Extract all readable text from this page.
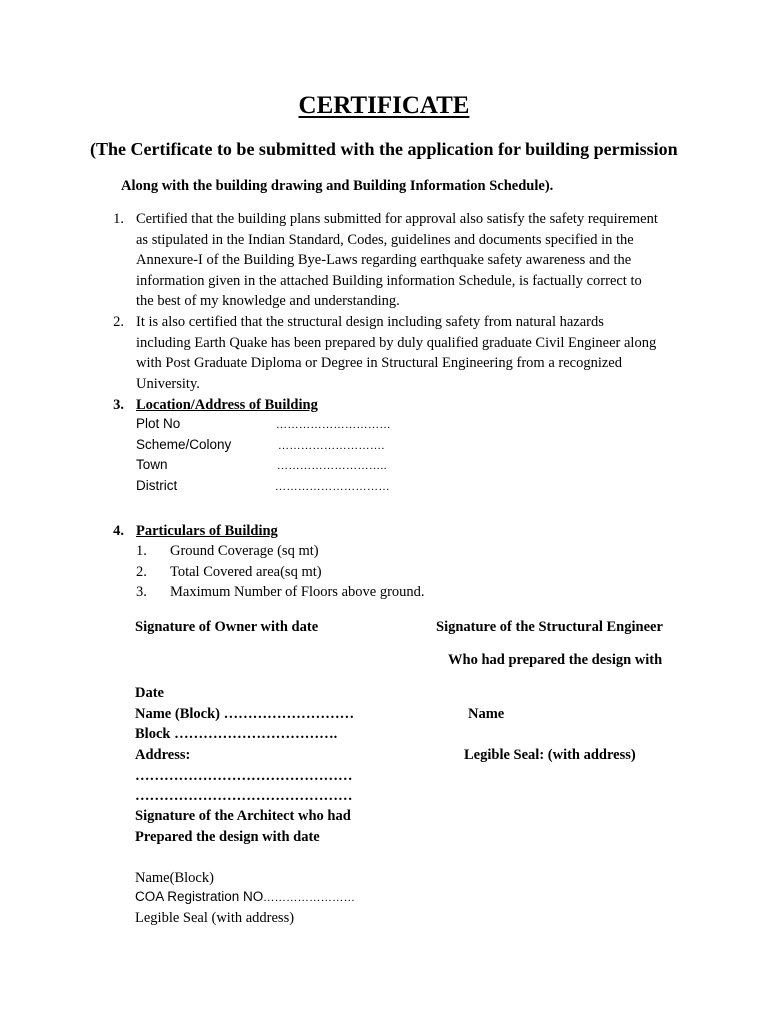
CERTIFICATE
(The Certificate to be submitted with the application for building permission
Along with the building drawing and Building Information Schedule).
1. Certified that the building plans submitted for approval also satisfy the safety requirement
as stipulated in the Indian Standard, Codes, guidelines and documents specified in the
Annexure-I of the Building Bye-Laws regarding earthquake safety awareness and the
information given in the attached Building information Schedule, is factually correct to
the best of my knowledge and understanding.
2. It is also certified that the structural design including safety from natural hazards
including Earth Quake has been prepared by duly qualified graduate Civil Engineer along
with Post Graduate Diploma or Degree in Structural Engineering from a recognized
University.
3. Location/Address of Building
Plot No	…………………………
Scheme/Colony	……………………….
Town	………………………..
District	…………………………
4. Particulars of Building
1. Ground Coverage (sq mt)
2. Total Covered area(sq mt)
3. Maximum Number of Floors above ground.
Signature of Owner with date	Signature of the Structural Engineer
Who had prepared the design with
Date
Name (Block) ………………………	Name
Block …………………………….
Address:	Legible Seal: (with address)
………………………………………
………………………………………
Signature of the Architect who had
Prepared the design with date
Name(Block)
COA Registration NO……………………
Legible Seal (with address)
